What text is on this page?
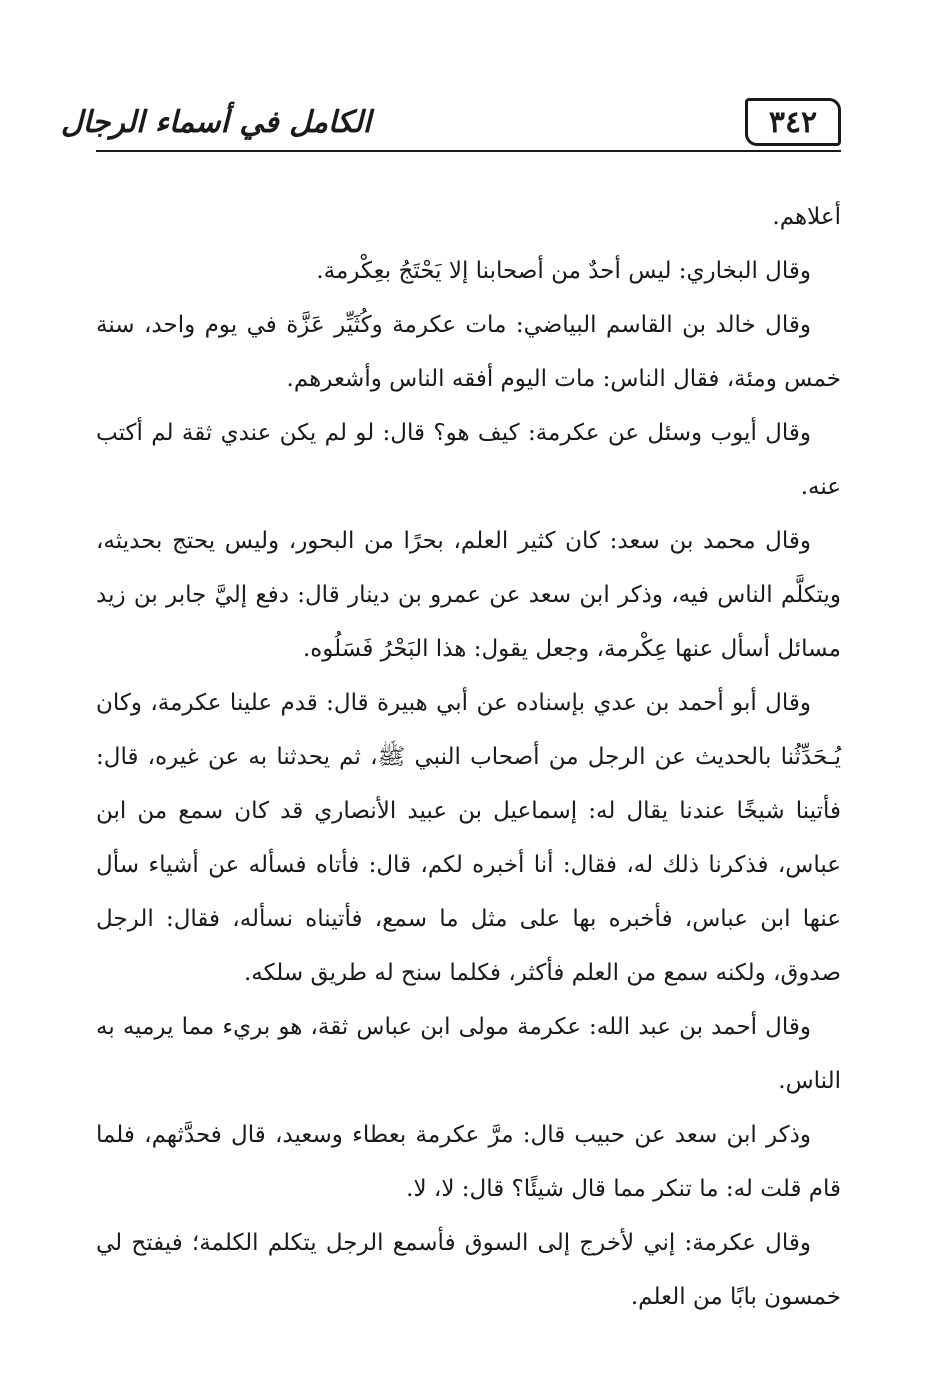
الكامل في أسماء الرجال	٣٤٢

أعلاهم.

وقال البخاري: ليس أحدٌ من أصحابنا إلا يَحْتَجُ بعِكْرمة.

وقال خالد بن القاسم البياضي: مات عكرمة وكُثَيِّر عَزَّة في يوم واحد، سنة خمس ومئة، فقال الناس: مات اليوم أفقه الناس وأشعرهم.

وقال أيوب وسئل عن عكرمة: كيف هو؟ قال: لو لم يكن عندي ثقة لم أكتب عنه.

وقال محمد بن سعد: كان كثير العلم، بحرًا من البحور، وليس يحتج بحديثه، ويتكلَّم الناس فيه، وذكر ابن سعد عن عمرو بن دينار قال: دفع إليَّ جابر بن زيد مسائل أسأل عنها عِكْرمة، وجعل يقول: هذا البَحْرُ فَسَلُوه.

وقال أبو أحمد بن عدي بإسناده عن أبي هبيرة قال: قدم علينا عكرمة، وكان يُـحَدِّثُنا بالحديث عن الرجل من أصحاب النبي ﷺ، ثم يحدثنا به عن غيره، قال: فأتينا شيخًا عندنا يقال له: إسماعيل بن عبيد الأنصاري قد كان سمع من ابن عباس، فذكرنا ذلك له، فقال: أنا أخبره لكم، قال: فأتاه فسأله عن أشياء سأل عنها ابن عباس، فأخبره بها على مثل ما سمع، فأتيناه نسأله، فقال: الرجل صدوق، ولكنه سمع من العلم فأكثر، فكلما سنح له طريق سلكه.

وقال أحمد بن عبد الله: عكرمة مولى ابن عباس ثقة، هو بريء مما يرميه به الناس.

وذكر ابن سعد عن حبيب قال: مرَّ عكرمة بعطاء وسعيد، قال فحدَّثهم، فلما قام قلت له: ما تنكر مما قال شيئًا؟ قال: لا، لا.

وقال عكرمة: إني لأخرج إلى السوق فأسمع الرجل يتكلم الكلمة؛ فيفتح لي خمسون بابًا من العلم.
